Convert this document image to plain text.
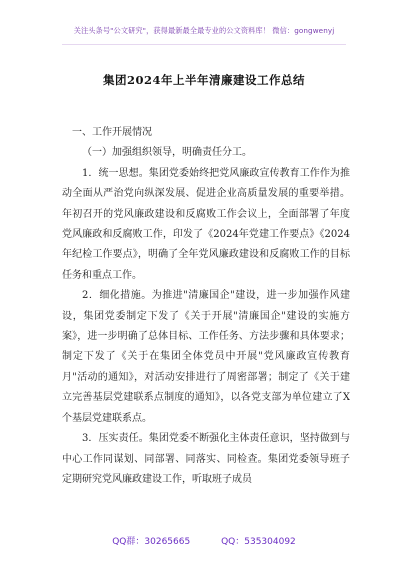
关注头条号"公文研究"，获得最新最全最专业的公文资料库！ 微信：gongwenyj
集团2024年上半年清廉建设工作总结

一、工作开展情况

（一）加强组织领导，明确责任分工。

1．统一思想。集团党委始终把党风廉政宣传教育工作作为推动全面从严治党向纵深发展、促进企业高质量发展的重要举措。年初召开的党风廉政建设和反腐败工作会议上，全面部署了年度党风廉政和反腐败工作，印发了《2024年党建工作要点》《2024年纪检工作要点》，明确了全年党风廉政建设和反腐败工作的目标任务和重点工作。

2．细化措施。为推进"清廉国企"建设，进一步加强作风建设，集团党委制定下发了《关于开展"清廉国企"建设的实施方案》，进一步明确了总体目标、工作任务、方法步骤和具体要求；制定下发了《关于在集团全体党员中开展"党风廉政宣传教育月"活动的通知》，对活动安排进行了周密部署；制定了《关于建立完善基层党建联系点制度的通知》，以各党支部为单位建立了X个基层党建联系点。

3．压实责任。集团党委不断强化主体责任意识，坚持做到与中心工作同谋划、同部署、同落实、同检查。集团党委领导班子定期研究党风廉政建设工作，听取班子成员

QQ群：30265665	QQ：535304092
